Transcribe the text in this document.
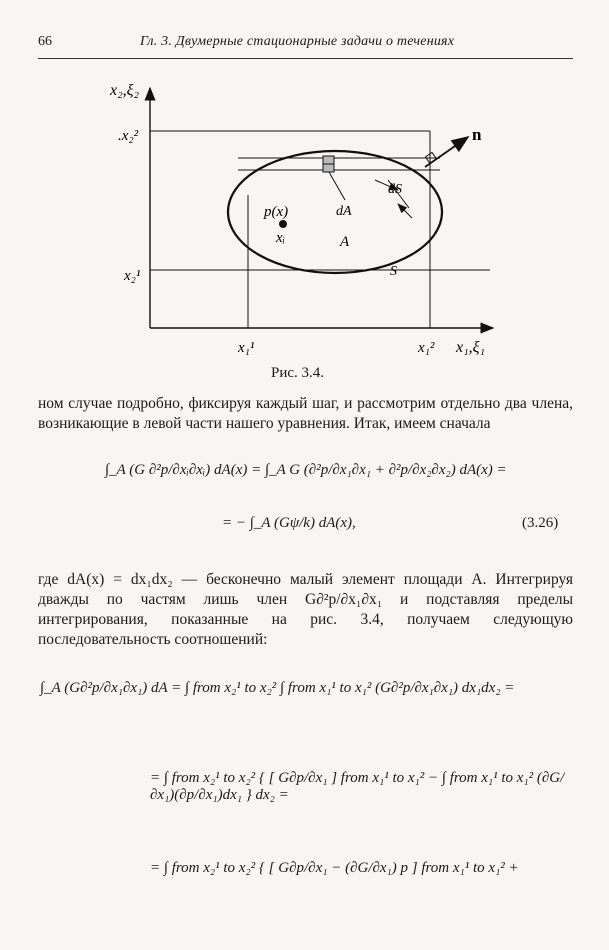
66	Гл. 3. Двумерные стационарные задачи о течениях
x₂,ξ₂
x₁,ξ₁
.x₂²
x₂¹
x₁¹	x₁²
n
dS
dA
p(x)
xᵢ	A
S
Рис. 3.4.
ном случае подробно, фиксируя каждый шаг, и рассмотрим отдельно два члена, возникающие в левой части нашего уравнения. Итак, имеем сначала
∫_A (G ∂²p/∂xᵢ∂xᵢ) dA(x) = ∫_A G (∂²p/∂x₁∂x₁ + ∂²p/∂x₂∂x₂) dA(x) =
= − ∫_A (Gψ/k) dA(x),	(3.26)
где dA(x) = dx₁dx₂ — бесконечно малый элемент площади A. Интегрируя дважды по частям лишь член G∂²p/∂x₁∂x₁ и подставляя пределы интегрирования, показанные на рис. 3.4, получаем следующую последовательность соотношений:
∫_A (G∂²p/∂x₁∂x₁) dA = ∫ from x₂¹ to x₂² ∫ from x₁¹ to x₁² (G∂²p/∂x₁∂x₁) dx₁dx₂ =
= ∫ from x₂¹ to x₂² { [ G∂p/∂x₁ ] from x₁¹ to x₁² − ∫ from x₁¹ to x₁² (∂G/∂x₁)(∂p/∂x₁)dx₁ } dx₂ =
= ∫ from x₂¹ to x₂² { [ G∂p/∂x₁ − (∂G/∂x₁) p ] from x₁¹ to x₁² +
